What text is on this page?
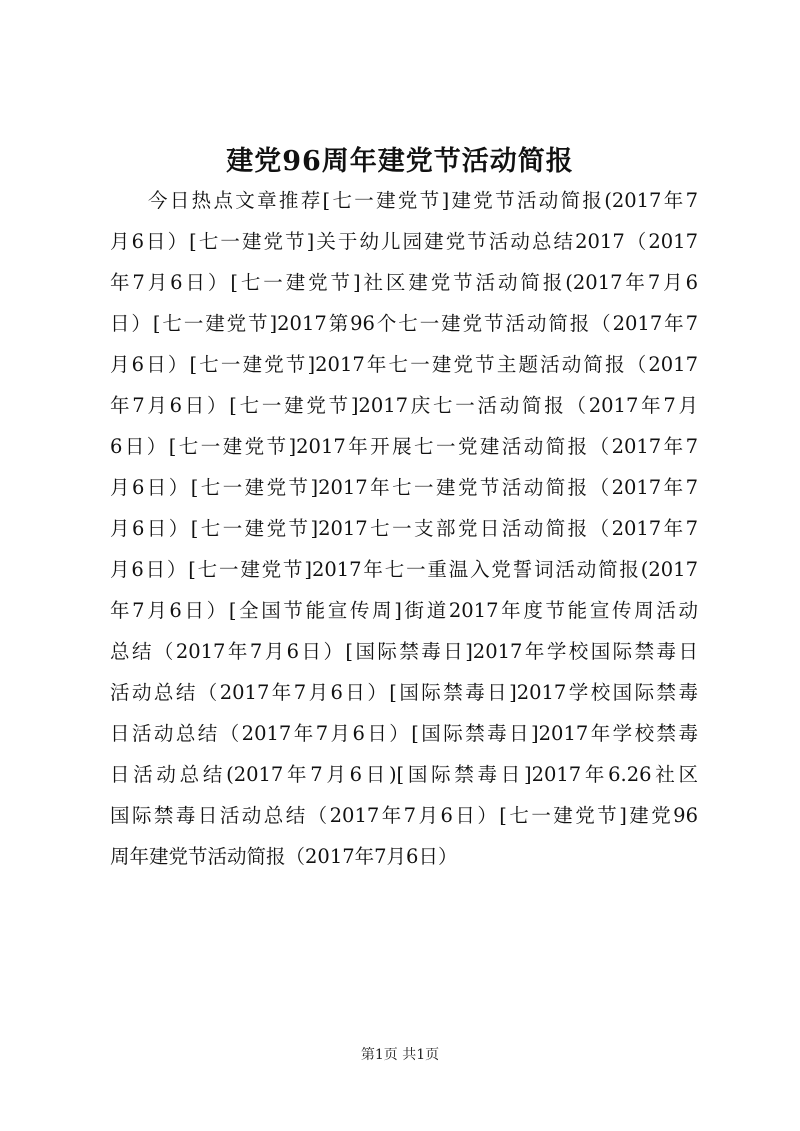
建党96周年建党节活动简报
今日热点文章推荐[七一建党节]建党节活动简报(2017年7
月6日）[七一建党节]关于幼儿园建党节活动总结2017（2017
年7月6日）[七一建党节]社区建党节活动简报(2017年7月6
日）[七一建党节]2017第96个七一建党节活动简报（2017年7
月6日）[七一建党节]2017年七一建党节主题活动简报（2017
年7月6日）[七一建党节]2017庆七一活动简报（2017年7月
6日）[七一建党节]2017年开展七一党建活动简报（2017年7
月6日）[七一建党节]2017年七一建党节活动简报（2017年7
月6日）[七一建党节]2017七一支部党日活动简报（2017年7
月6日）[七一建党节]2017年七一重温入党誓词活动简报(2017
年7月6日）[全国节能宣传周]街道2017年度节能宣传周活动
总结（2017年7月6日）[国际禁毒日]2017年学校国际禁毒日
活动总结（2017年7月6日）[国际禁毒日]2017学校国际禁毒
日活动总结（2017年7月6日）[国际禁毒日]2017年学校禁毒
日活动总结(2017年7月6日)[国际禁毒日]2017年6.26社区
国际禁毒日活动总结（2017年7月6日）[七一建党节]建党96
周年建党节活动简报（2017年7月6日）
第1页 共1页
